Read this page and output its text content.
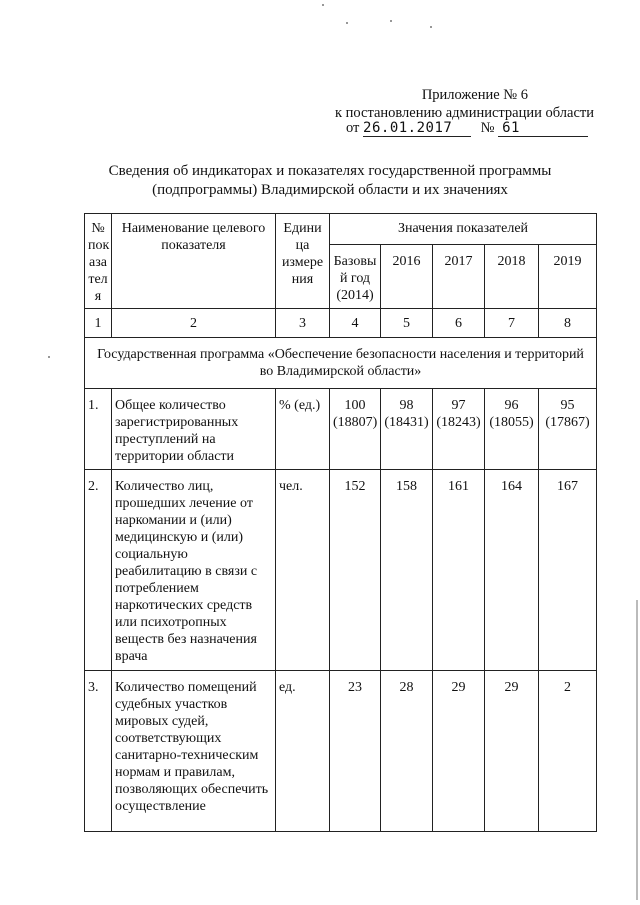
Приложение № 6
к постановлению администрации области
от 26.01.2017 № 61
Сведения об индикаторах и показателях государственной программы
(подпрограммы) Владимирской области и их значениях
№ пок аза тел я	Наименование целевого показателя	Едини ца измере ния	Значения показателей				
			Базовы й год (2014)	2016	2017	2018	2019
1	2	3	4	5	6	7	8
Государственная программа «Обеспечение безопасности населения и территорий во Владимирской области»							
1.	Общее количество зарегистрированных преступлений на территории области	% (ед.)	100 (18807)	98 (18431)	97 (18243)	96 (18055)	95 (17867)
2.	Количество лиц, прошедших лечение от наркомании и (или) медицинскую и (или) социальную реабилитацию в связи с потреблением наркотических средств или психотропных веществ без назначения врача	чел.	152	158	161	164	167
3.	Количество помещений судебных участков мировых судей, соответствующих санитарно-техническим нормам и правилам, позволяющих обеспечить осуществление	ед.	23	28	29	29	2
